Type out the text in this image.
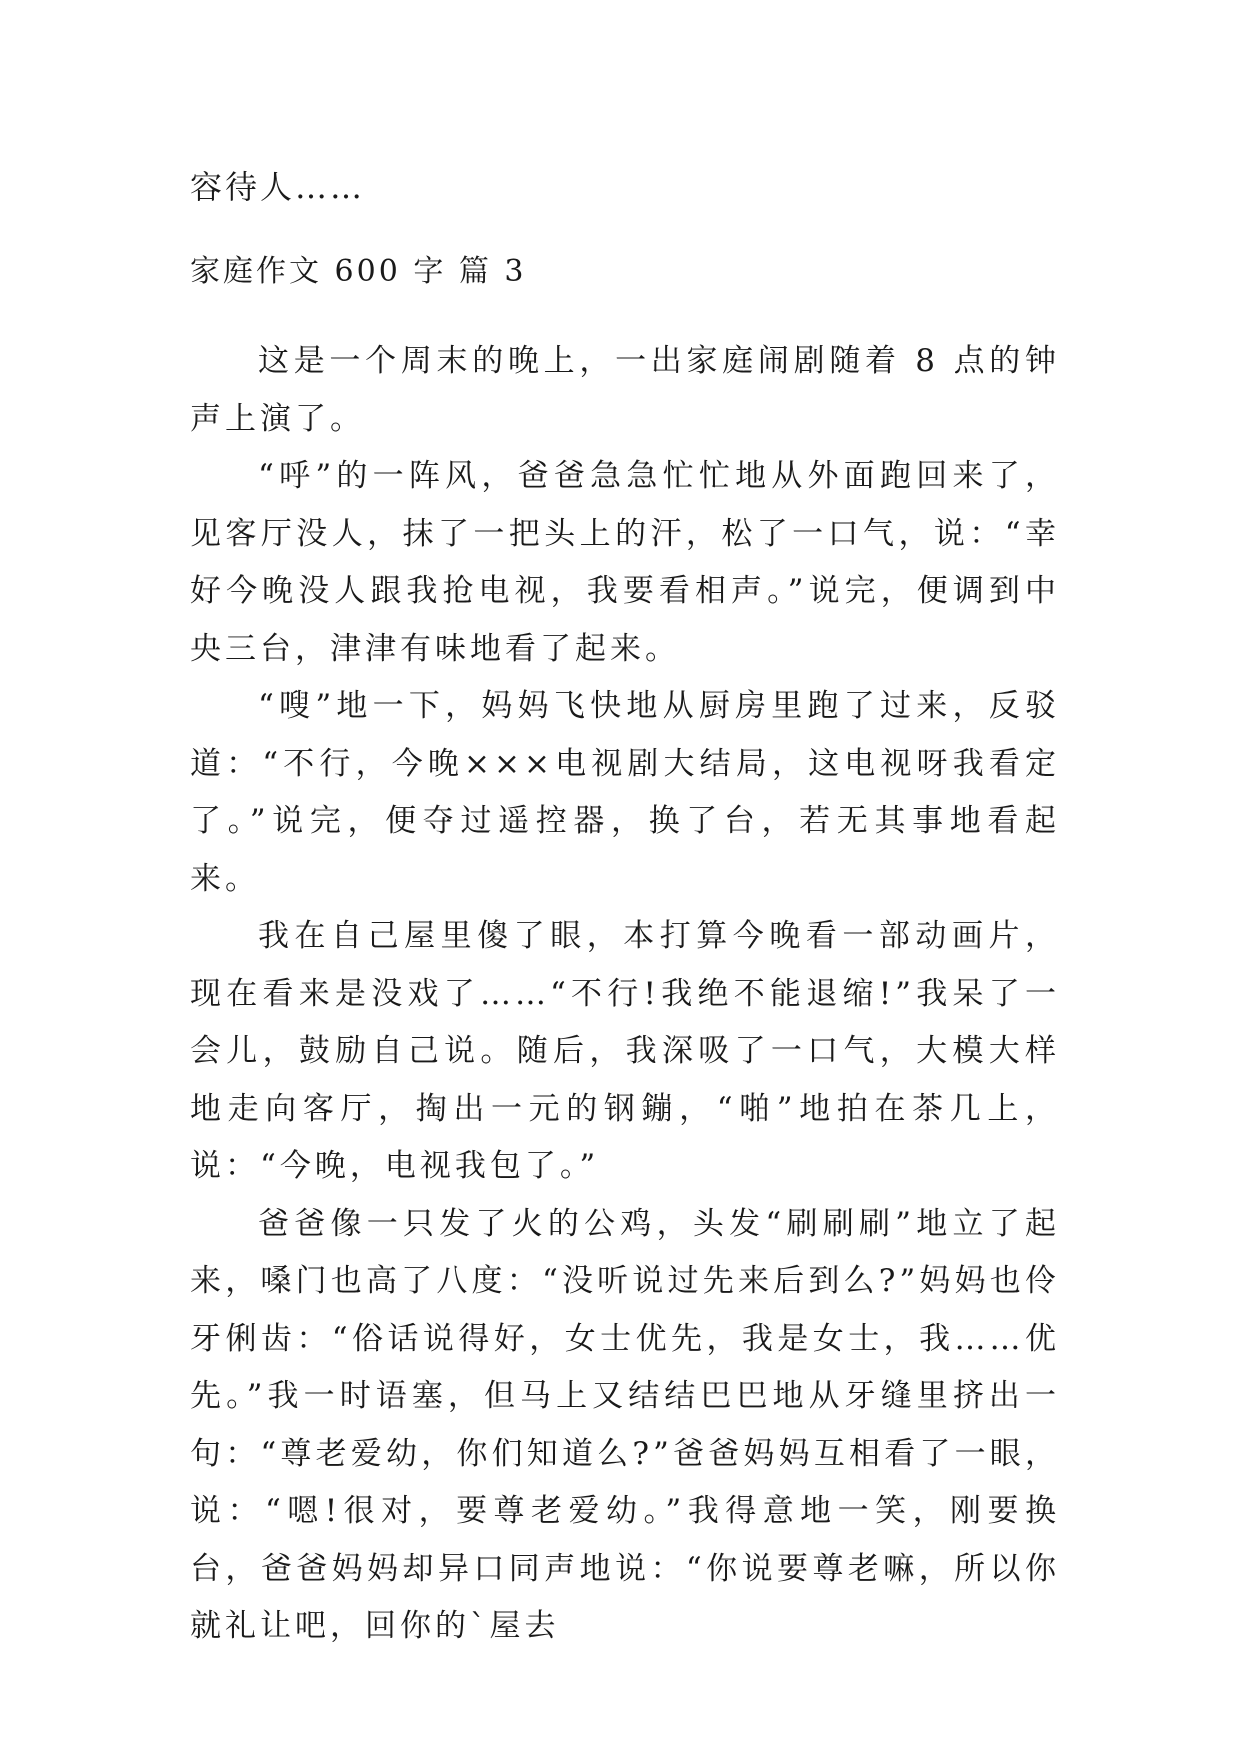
容待人……

家庭作文 600 字 篇 3

这是一个周末的晚上，一出家庭闹剧随着 8 点的钟声上演了。

“呼”的一阵风，爸爸急急忙忙地从外面跑回来了，见客厅没人，抹了一把头上的汗，松了一口气，说：“幸好今晚没人跟我抢电视，我要看相声。”说完，便调到中央三台，津津有味地看了起来。

“嗖”地一下，妈妈飞快地从厨房里跑了过来，反驳道：“不行，今晚×××电视剧大结局，这电视呀我看定了。”说完，便夺过遥控器，换了台，若无其事地看起来。

我在自己屋里傻了眼，本打算今晚看一部动画片，现在看来是没戏了……“不行!我绝不能退缩!”我呆了一会儿，鼓励自己说。随后，我深吸了一口气，大模大样地走向客厅，掏出一元的钢鏰，“啪”地拍在茶几上，说：“今晚，电视我包了。”

爸爸像一只发了火的公鸡，头发“刷刷刷”地立了起来，嗓门也高了八度：“没听说过先来后到么?”妈妈也伶牙俐齿：“俗话说得好，女士优先，我是女士，我……优先。”我一时语塞，但马上又结结巴巴地从牙缝里挤出一句：“尊老爱幼，你们知道么?”爸爸妈妈互相看了一眼，说：“嗯!很对，要尊老爱幼。”我得意地一笑，刚要换台，爸爸妈妈却异口同声地说：“你说要尊老嘛，所以你就礼让吧，回你的`屋去
